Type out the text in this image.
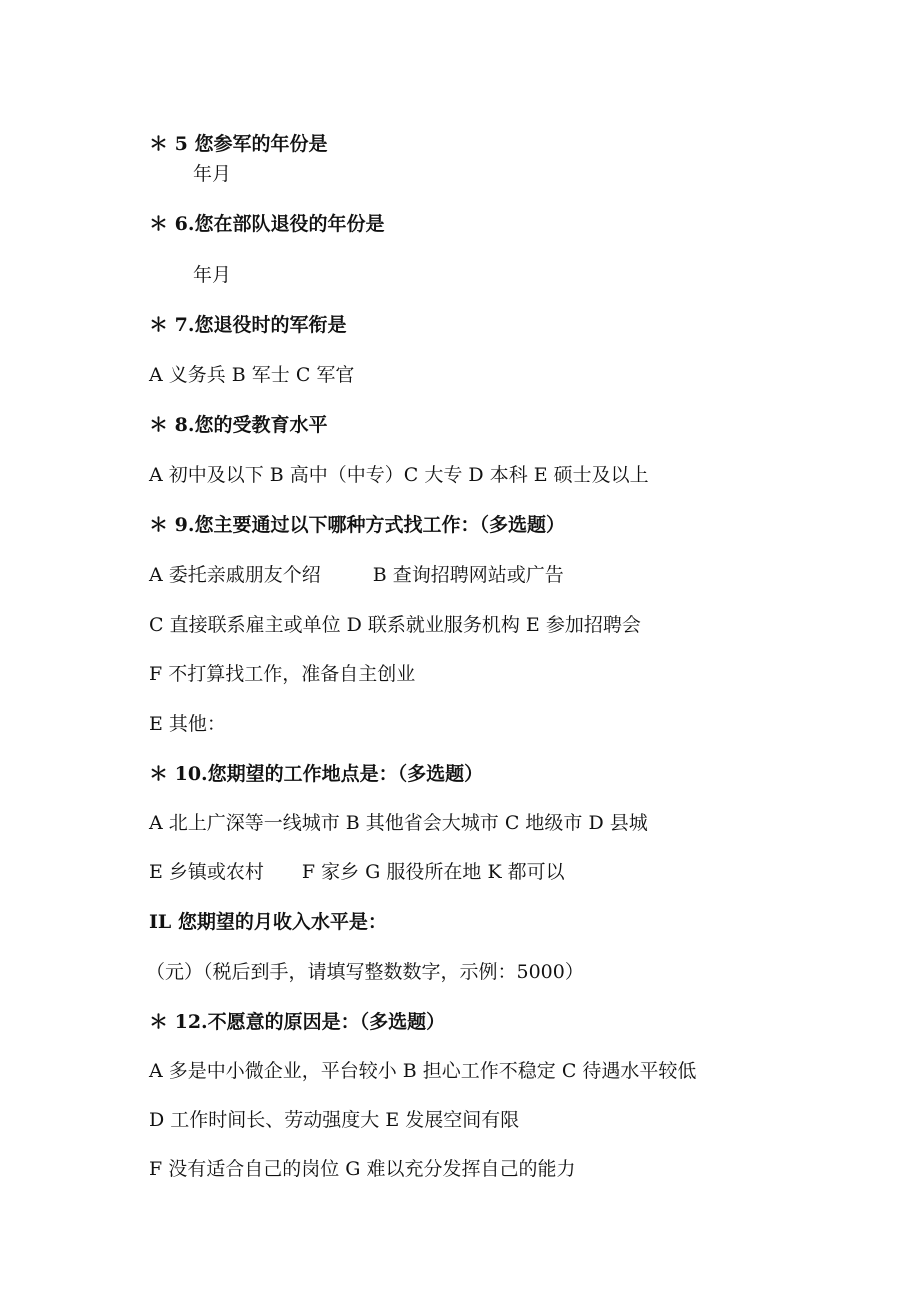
＊ 5 您参军的年份是
年月
＊ 6.您在部队退役的年份是
年月
＊ 7.您退役时的军衔是
A 义务兵 B 军士 C 军官
＊ 8.您的受教育水平
A 初中及以下 B 高中（中专）C 大专 D 本科 E 硕士及以上
＊ 9.您主要通过以下哪种方式找工作：（多选题）
A 委托亲戚朋友个绍	B 查询招聘网站或广告
C 直接联系雇主或单位 D 联系就业服务机构 E 参加招聘会
F 不打算找工作，准备自主创业
E 其他：
＊ 10.您期望的工作地点是：（多选题）
A 北上广深等一线城市 B 其他省会大城市 C 地级市 D 县城
E 乡镇或农村 F 家乡 G 服役所在地 K 都可以
IL 您期望的月收入水平是：
（元）（税后到手，请填写整数数字，示例：5000）
＊ 12.不愿意的原因是：（多选题）
A 多是中小微企业，平台较小 B 担心工作不稳定 C 待遇水平较低
D 工作时间长、劳动强度大 E 发展空间有限
F 没有适合自己的岗位 G 难以充分发挥自己的能力
